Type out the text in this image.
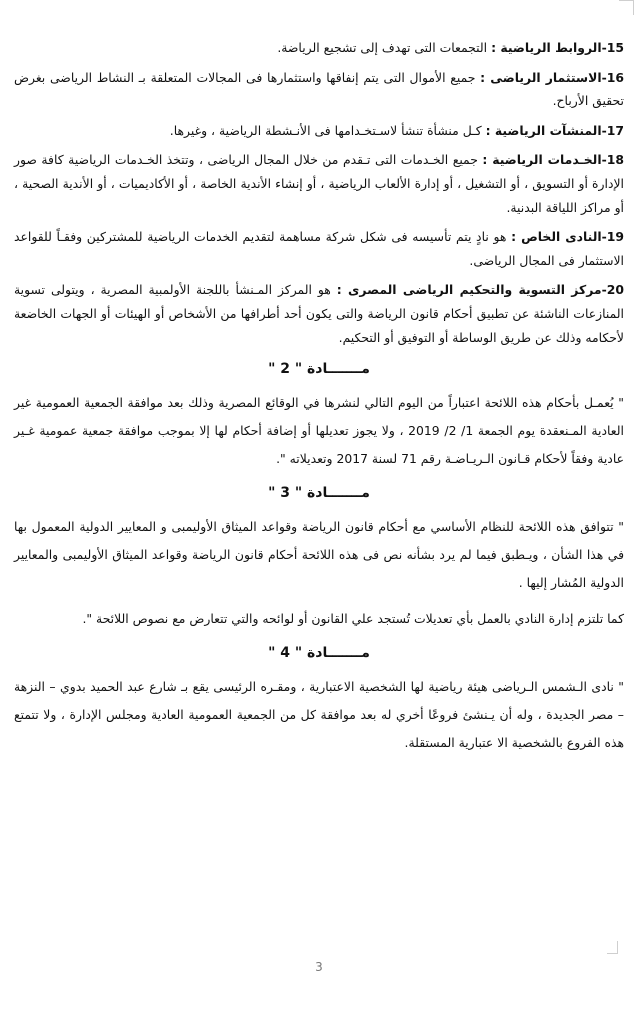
15-الروابط الرياضية : التجمعات التى تهدف إلى تشجيع الرياضة.

16-الاستثمار الرياضى : جميع الأموال التى يتم إنفاقها واستثمارها فى المجالات المتعلقة بـ النشاط الرياضى بغرض تحقيق الأرباح.

17-المنشآت الرياضية : كـل منشأة تنشأ لاسـتخـدامها فى الأنـشطة الرياضية ، وغيرها.

18-الخـدمات الرياضية : جميع الخـدمات التى تـقدم من خلال المجال الرياضى ، وتتخذ الخـدمات الرياضية كافة صور الإدارة أو التسويق ، أو التشغيل ، أو إدارة الألعاب الرياضية ، أو إنشاء الأندية الخاصة ، أو الأكاديميات ، أو الأندية الصحية ، أو مراكز اللياقة البدنية.

19-النادى الخاص : هو نادٍ يتم تأسيسه فى شكل شركة مساهمة لتقديم الخدمات الرياضية للمشتركين وفقـاً للقواعد الاستثمار فى المجال الرياضى.

20-مركز التسوية والتحكيم الرياضى المصرى : هو المركز المـنشأ باللجنة الأولمبية المصرية ، ويتولى تسوية المنازعات الناشئة عن تطبيق أحكام قانون الرياضة والتى يكون أحد أطرافها من الأشخاص أو الهيئات أو الجهات الخاضعة لأحكامه وذلك عن طريق الوساطة أو التوفيق أو التحكيم.

مـــــــادة " 2 "

" يُعمـل بأحكام هذه اللائحة اعتباراً من اليوم التالي لنشرها في الوقائع المصرية وذلك بعد موافقة الجمعية العمومية غير العادية المـنعقدة يوم الجمعة 1/ 2/ 2019 ، ولا يجوز تعديلها أو إضافة أحكام لها إلا بموجب موافقة جمعية عمومية غـير عادية وفقاً لأحكام قـانون الـريـاضـة رقم 71 لسنة 2017 وتعديلاته ".

مـــــــادة " 3 "

" تتوافق هذه اللائحة للنظام الأساسي مع أحكام قانون الرياضة وقواعد الميثاق الأوليمبى و المعايير الدولية المعمول بها في هذا الشأن ، ويـطبق فيما لم يرد بشأنه نص فى هذه اللائحة أحكام قانون الرياضة وقواعد الميثاق الأوليمبى والمعايير الدولية المُشار إليها .

كما تلتزم إدارة النادي بالعمل بأي تعديلات تُستجد علي القانون أو لوائحه والتي تتعارض مع نصوص اللائحة ".

مـــــــادة " 4 "

" نادى الـشمس الـرياضى هيئة رياضية لها الشخصية الاعتبارية ، ومقـره الرئيسى يقع بـ شارع عبد الحميد بدوي – النزهة – مصر الجديدة ، وله أن يـنشئ فروعًا أخري له بعد موافقة كل من الجمعية العمومية العادية ومجلس الإدارة ، ولا تتمتع هذه الفروع بالشخصية الا عتبارية المستقلة.

3
